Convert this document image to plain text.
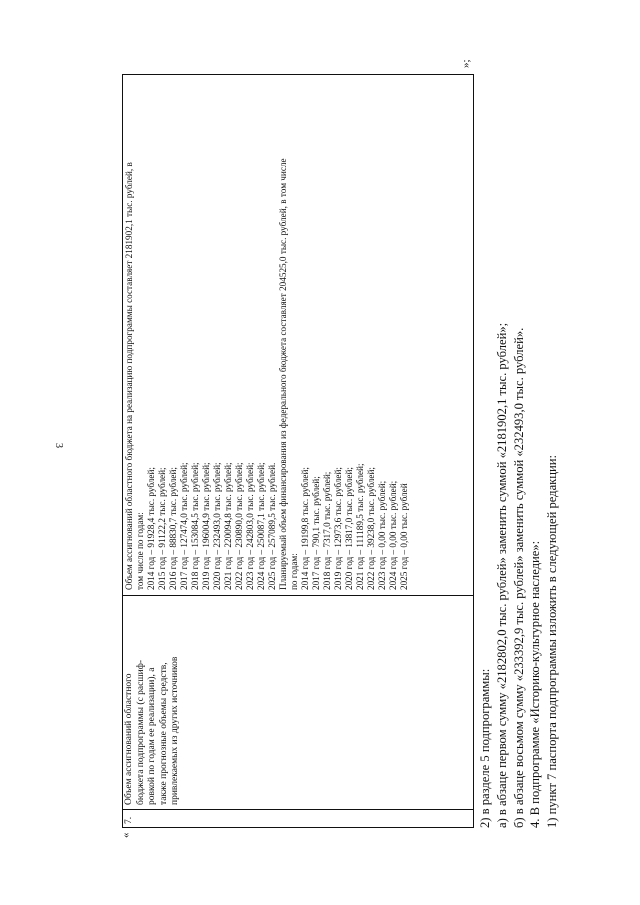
3
«
7.
Объем ассигнований областного бюджета подпрограммы (с расшиф- ровкой по годам ее реализации), а также прогнозные объемы средств, привлекаемых из других источников
Объем ассигнований областного бюджета на реализацию подпрограммы составляет 2181902,1 тыс. рублей, в том числе по годам: 2014 год – 91928,4 тыс. рублей; 2015 год – 91122,2 тыс. рублей; 2016 год – 88830,7 тыс. рублей; 2017 год – 127474,0 тыс. рублей; 2018 год – 153084,5 тыс. рублей; 2019 год – 196004,9 тыс. рублей; 2020 год – 232493,0 тыс. рублей; 2021 год – 220094,8 тыс. рублей; 2022 год – 230890,0 тыс. рублей; 2023 год – 242803,0 тыс. рублей; 2024 год – 250087,1 тыс. рублей; 2025 год – 257089,5 тыс. рублей. Планируемый объем финансирования из федерального бюджета составляет 204525,0 тыс. рублей, в том числе по годам: 2014 год – 19199,8 тыс. рублей; 2017 год – 790,1 тыс. рублей; 2018 год – 7317,0 тыс. рублей; 2019 год – 12973,6 тыс. рублей; 2020 год – 13817,0 тыс. рублей; 2021 год – 111189,5 тыс. рублей; 2022 год – 39238,0 тыс. рублей; 2023 год – 0,00 тыс. рублей; 2024 год – 0,00 тыс. рублей; 2025 год – 0,00 тыс. рублей
»;
2) в разделе 5 подпрограммы: а) в абзаце первом сумму «2182802,0 тыс. рублей» заменить суммой «2181902,1 тыс. рублей»; б) в абзаце восьмом сумму «233392,9 тыс. рублей» заменить суммой «232493,0 тыс. рублей». 4. В подпрограмме «Историко-культурное наследие»: 1) пункт 7 паспорта подпрограммы изложить в следующей редакции:
